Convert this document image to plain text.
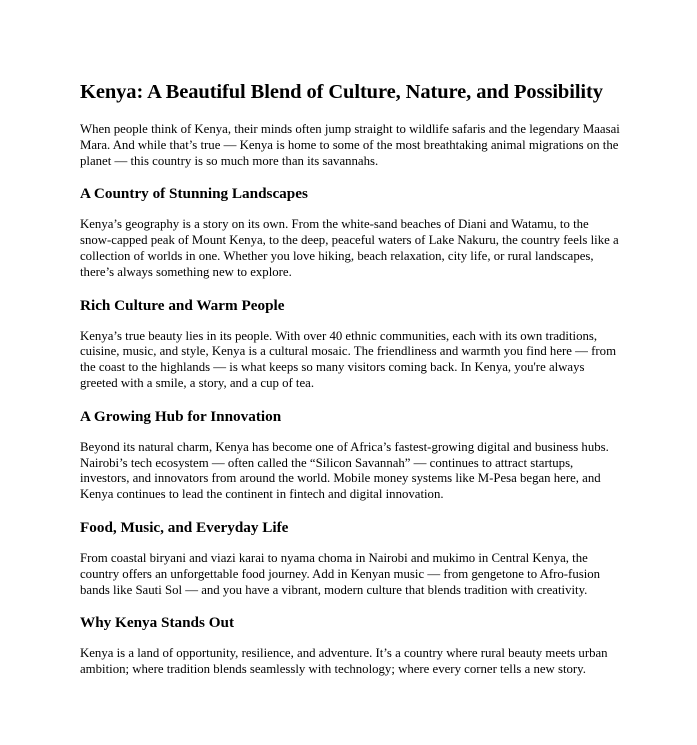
Kenya: A Beautiful Blend of Culture, Nature, and Possibility

When people think of Kenya, their minds often jump straight to wildlife safaris and the legendary Maasai Mara. And while that’s true — Kenya is home to some of the most breathtaking animal migrations on the planet — this country is so much more than its savannahs.

A Country of Stunning Landscapes

Kenya’s geography is a story on its own. From the white-sand beaches of Diani and Watamu, to the snow-capped peak of Mount Kenya, to the deep, peaceful waters of Lake Nakuru, the country feels like a collection of worlds in one. Whether you love hiking, beach relaxation, city life, or rural landscapes, there’s always something new to explore.

Rich Culture and Warm People

Kenya’s true beauty lies in its people. With over 40 ethnic communities, each with its own traditions, cuisine, music, and style, Kenya is a cultural mosaic. The friendliness and warmth you find here — from the coast to the highlands — is what keeps so many visitors coming back. In Kenya, you're always greeted with a smile, a story, and a cup of tea.

A Growing Hub for Innovation

Beyond its natural charm, Kenya has become one of Africa’s fastest-growing digital and business hubs. Nairobi’s tech ecosystem — often called the “Silicon Savannah” — continues to attract startups, investors, and innovators from around the world. Mobile money systems like M-Pesa began here, and Kenya continues to lead the continent in fintech and digital innovation.

Food, Music, and Everyday Life

From coastal biryani and viazi karai to nyama choma in Nairobi and mukimo in Central Kenya, the country offers an unforgettable food journey. Add in Kenyan music — from gengetone to Afro-fusion bands like Sauti Sol — and you have a vibrant, modern culture that blends tradition with creativity.

Why Kenya Stands Out

Kenya is a land of opportunity, resilience, and adventure. It’s a country where rural beauty meets urban ambition; where tradition blends seamlessly with technology; where every corner tells a new story.
